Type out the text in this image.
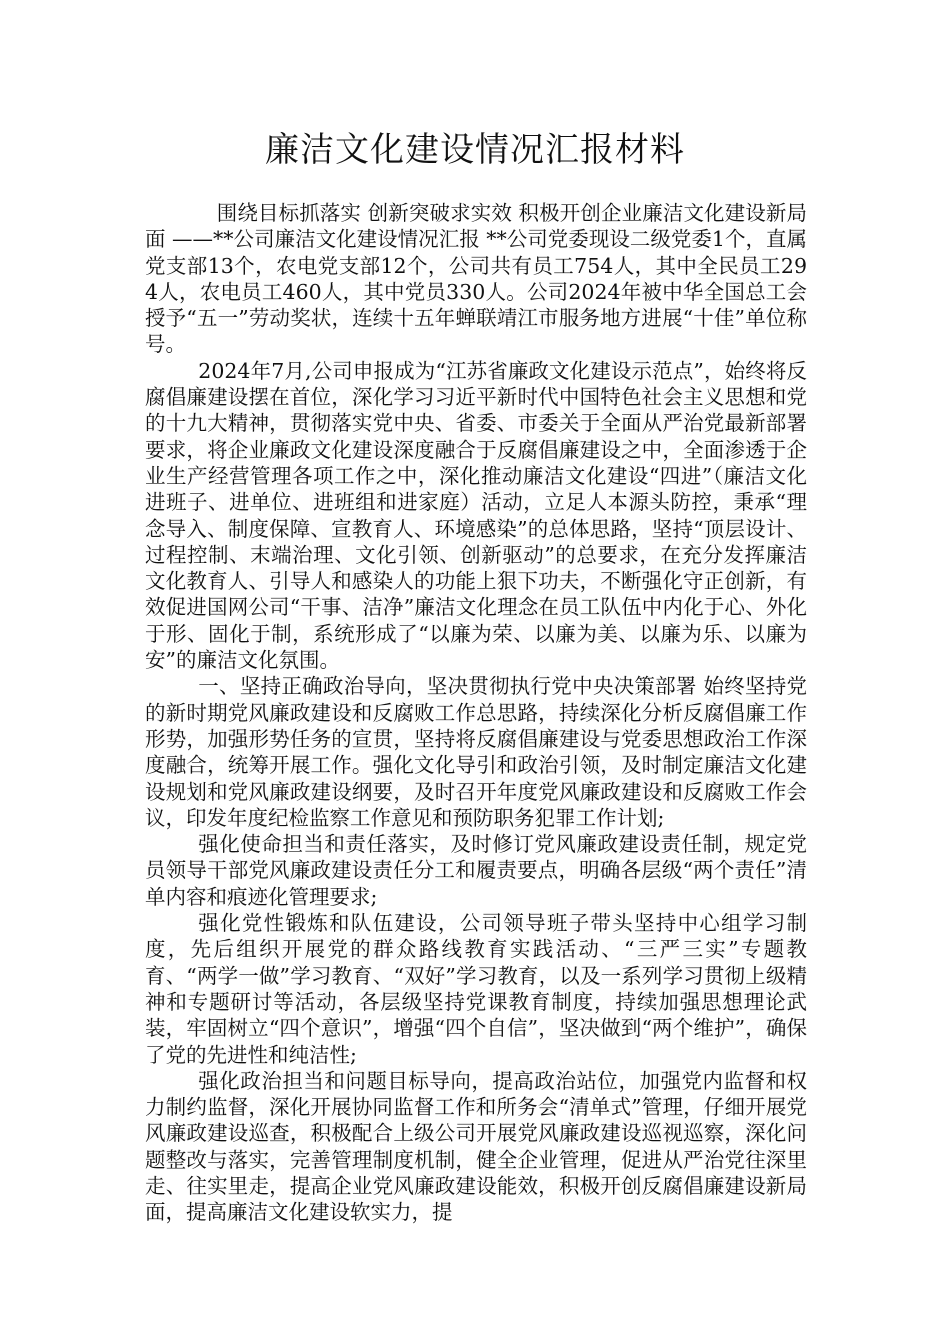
廉洁文化建设情况汇报材料

围绕目标抓落实 创新突破求实效 积极开创企业廉洁文化建设新局面 ——**公司廉洁文化建设情况汇报 **公司党委现设二级党委1个，直属党支部13个，农电党支部12个，公司共有员工754人，其中全民员工294人，农电员工460人，其中党员330人。公司2024年被中华全国总工会授予“五一”劳动奖状，连续十五年蝉联靖江市服务地方进展“十佳”单位称号。

2024年7月,公司申报成为“江苏省廉政文化建设示范点”，始终将反腐倡廉建设摆在首位，深化学习习近平新时代中国特色社会主义思想和党的十九大精神，贯彻落实党中央、省委、市委关于全面从严治党最新部署要求，将企业廉政文化建设深度融合于反腐倡廉建设之中，全面渗透于企业生产经营管理各项工作之中，深化推动廉洁文化建设“四进”（廉洁文化进班子、进单位、进班组和进家庭）活动，立足人本源头防控，秉承“理念导入、制度保障、宣教育人、环境感染”的总体思路，坚持“顶层设计、过程控制、末端治理、文化引领、创新驱动”的总要求，在充分发挥廉洁文化教育人、引导人和感染人的功能上狠下功夫，不断强化守正创新，有效促进国网公司“干事、洁净”廉洁文化理念在员工队伍中内化于心、外化于形、固化于制，系统形成了“以廉为荣、以廉为美、以廉为乐、以廉为安”的廉洁文化氛围。

一、坚持正确政治导向，坚决贯彻执行党中央决策部署 始终坚持党的新时期党风廉政建设和反腐败工作总思路，持续深化分析反腐倡廉工作形势，加强形势任务的宣贯，坚持将反腐倡廉建设与党委思想政治工作深度融合，统筹开展工作。强化文化导引和政治引领，及时制定廉洁文化建设规划和党风廉政建设纲要，及时召开年度党风廉政建设和反腐败工作会议，印发年度纪检监察工作意见和预防职务犯罪工作计划;

强化使命担当和责任落实，及时修订党风廉政建设责任制，规定党员领导干部党风廉政建设责任分工和履责要点，明确各层级“两个责任”清单内容和痕迹化管理要求;

强化党性锻炼和队伍建设，公司领导班子带头坚持中心组学习制度，先后组织开展党的群众路线教育实践活动、“三严三实”专题教育、“两学一做”学习教育、“双好”学习教育，以及一系列学习贯彻上级精神和专题研讨等活动，各层级坚持党课教育制度，持续加强思想理论武装，牢固树立“四个意识”，增强“四个自信”，坚决做到“两个维护”，确保了党的先进性和纯洁性;

强化政治担当和问题目标导向，提高政治站位，加强党内监督和权力制约监督，深化开展协同监督工作和所务会“清单式”管理，仔细开展党风廉政建设巡查，积极配合上级公司开展党风廉政建设巡视巡察，深化问题整改与落实，完善管理制度机制，健全企业管理，促进从严治党往深里走、往实里走，提高企业党风廉政建设能效，积极开创反腐倡廉建设新局面，提高廉洁文化建设软实力，提
